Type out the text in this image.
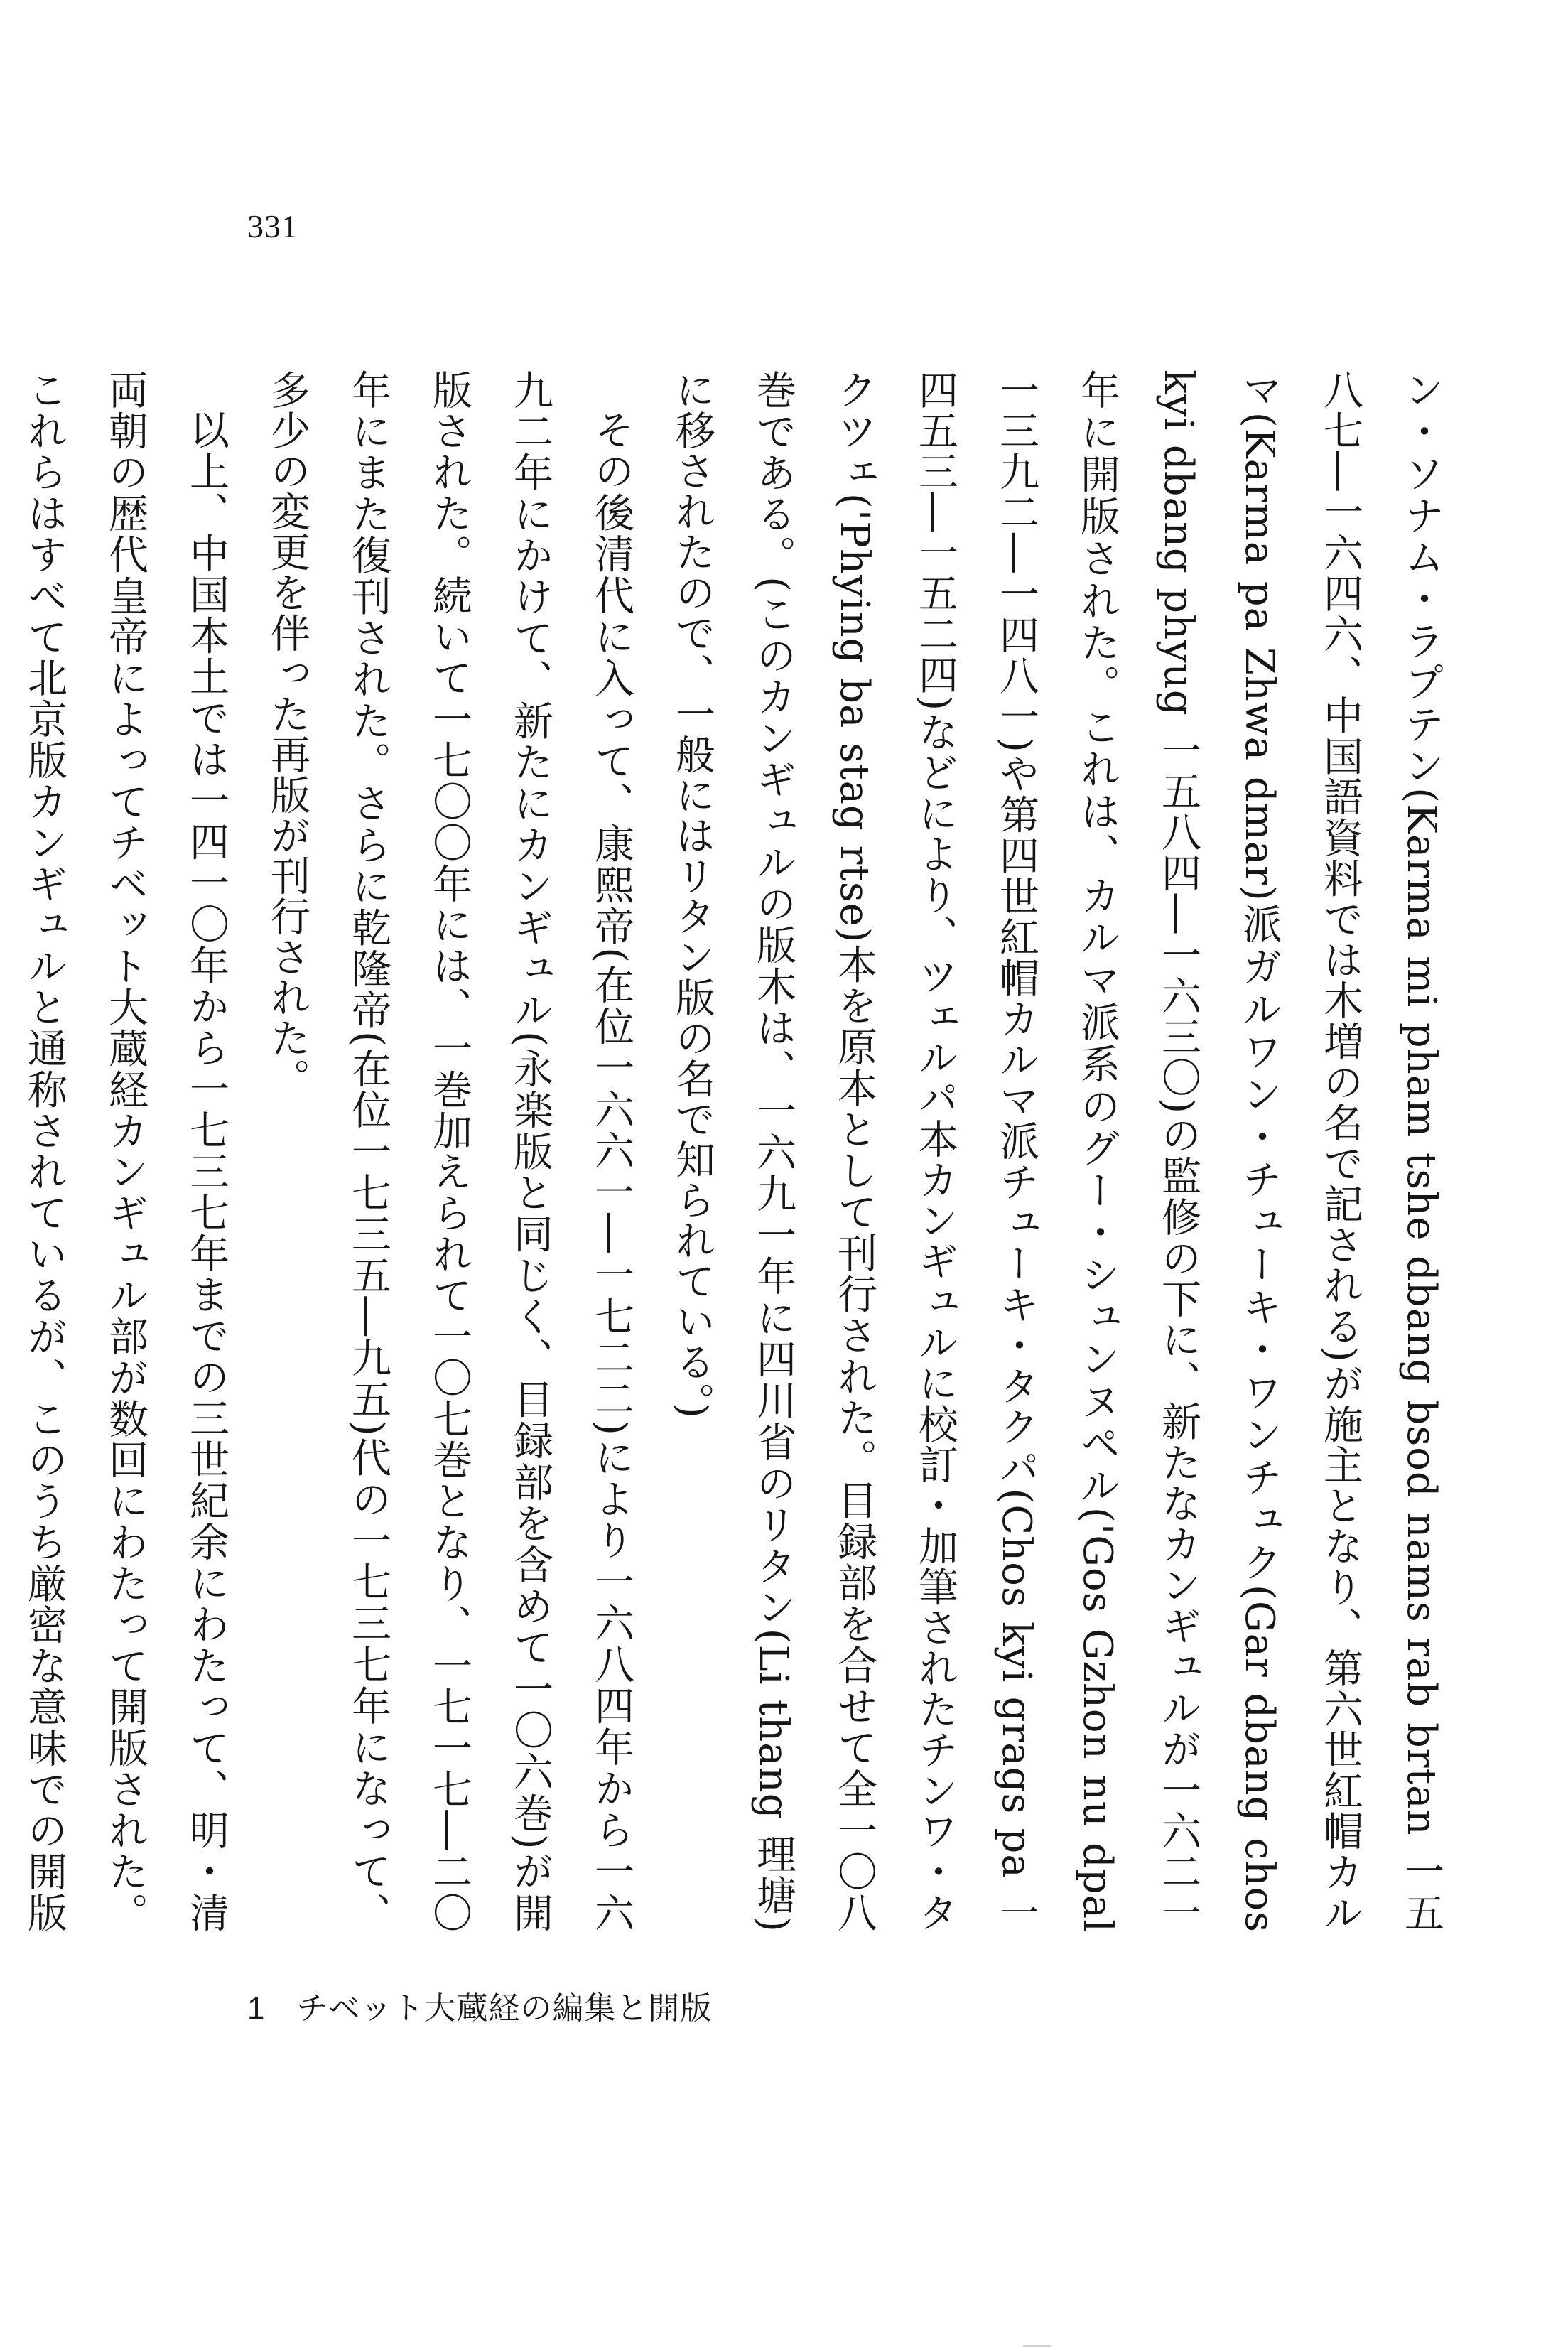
331

ン・ソナム・ラプテン(Karma mi pham tshe dbang bsod nams rab brtan 一五八七―一六四六、中国語資料では木増の名で記される)が施主となり、第六世紅帽カルマ(Karma pa Zhwa dmar)派ガルワン・チューキ・ワンチュク(Gar dbang chos kyi dbang phyug 一五八四―一六三〇)の監修の下に、新たなカンギュルが一六二一年に開版された。これは、カルマ派系のグー・シュンヌペル('Gos Gzhon nu dpal 一三九二―一四八一)や第四世紅帽カルマ派チューキ・タクパ(Chos kyi grags pa 一四五三―一五二四)などにより、ツェルパ本カンギュルに校訂・加筆されたチンワ・タクツェ('Phying ba stag rtse)本を原本として刊行された。目録部を合せて全一〇八巻である。(このカンギュルの版木は、一六九一年に四川省のリタン(Li thang 理塘)に移されたので、一般にはリタン版の名で知られている。)

その後清代に入って、康熙帝(在位一六六一―一七二二)により一六八四年から一六九二年にかけて、新たにカンギュル(永楽版と同じく、目録部を含めて一〇六巻)が開版された。続いて一七〇〇年には、一巻加えられて一〇七巻となり、一七一七―二〇年にまた復刊された。さらに乾隆帝(在位一七三五―九五)代の一七三七年になって、多少の変更を伴った再版が刊行された。

以上、中国本土では一四一〇年から一七三七年までの三世紀余にわたって、明・清両朝の歴代皇帝によってチベット大蔵経カンギュル部が数回にわたって開版された。これらはすべて北京版カンギュルと通称されているが、このうち厳密な意味での開版

1 チベット大蔵経の編集と開版
